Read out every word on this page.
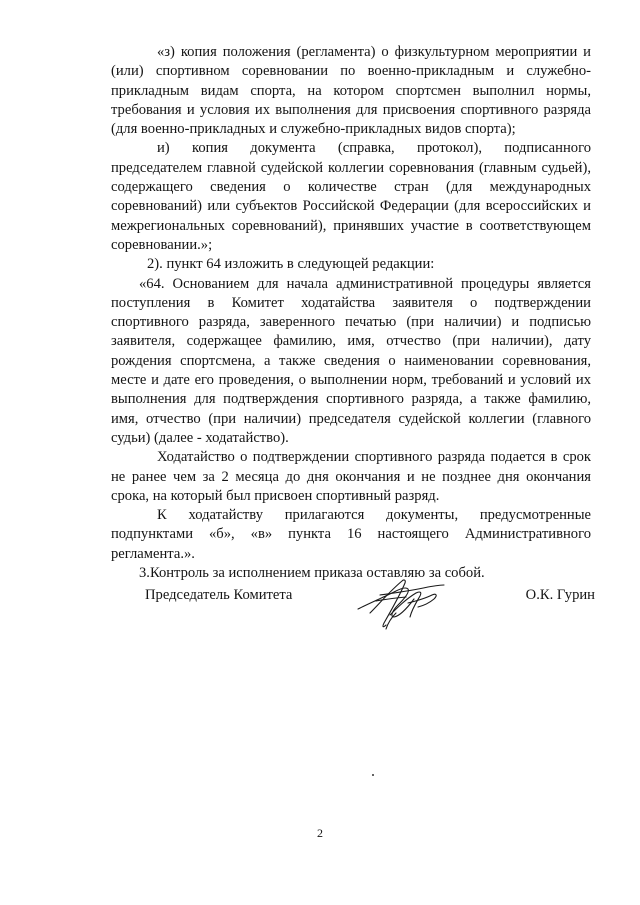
«з) копия положения (регламента) о физкультурном мероприятии и (или) спортивном соревновании по военно-прикладным и служебно-прикладным видам спорта, на котором спортсмен выполнил нормы, требования и условия их выполнения для присвоения спортивного разряда (для военно-прикладных и служебно-прикладных видов спорта);

и) копия документа (справка, протокол), подписанного председателем главной судейской коллегии соревнования (главным судьей), содержащего сведения о количестве стран (для международных соревнований) или субъектов Российской Федерации (для всероссийских и межрегиональных соревнований), принявших участие в соответствующем соревновании.»;

2). пункт 64 изложить в следующей редакции:

«64. Основанием для начала административной процедуры является поступления в Комитет ходатайства заявителя о подтверждении спортивного разряда, заверенного печатью (при наличии) и подписью заявителя, содержащее фамилию, имя, отчество (при наличии), дату рождения спортсмена, а также сведения о наименовании соревнования, месте и дате его проведения, о выполнении норм, требований и условий их выполнения для подтверждения спортивного разряда, а также фамилию, имя, отчество (при наличии) председателя судейской коллегии (главного судьи) (далее - ходатайство).

Ходатайство о подтверждении спортивного разряда подается в срок не ранее чем за 2 месяца до дня окончания и не позднее дня окончания срока, на который был присвоен спортивный разряд.

К ходатайству прилагаются документы, предусмотренные подпунктами «б», «в» пункта 16 настоящего Административного регламента.».

3.Контроль за исполнением приказа оставляю за собой.

Председатель Комитета	О.К. Гурин
2
